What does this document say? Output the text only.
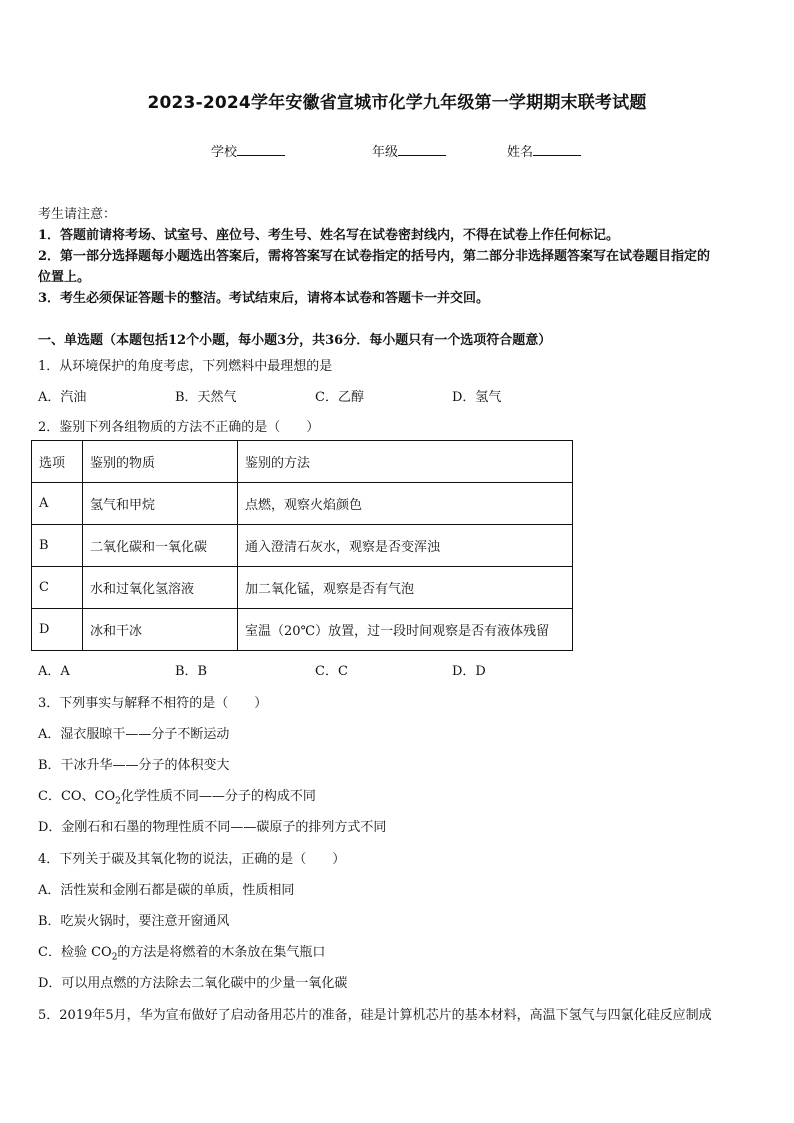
2023-2024学年安徽省宣城市化学九年级第一学期期末联考试题
学校	年级	姓名
考生请注意：
1．答题前请将考场、试室号、座位号、考生号、姓名写在试卷密封线内，不得在试卷上作任何标记。
2．第一部分选择题每小题选出答案后，需将答案写在试卷指定的括号内，第二部分非选择题答案写在试卷题目指定的
位置上。
3．考生必须保证答题卡的整洁。考试结束后，请将本试卷和答题卡一并交回。
一、单选题（本题包括12个小题，每小题3分，共36分．每小题只有一个选项符合题意）
1．从环境保护的角度考虑，下列燃料中最理想的是
A．汽油	B．天然气	C．乙醇	D．氢气
2．鉴别下列各组物质的方法不正确的是（　　）
选项	鉴别的物质	鉴别的方法
A	氢气和甲烷	点燃，观察火焰颜色
B	二氧化碳和一氧化碳	通入澄清石灰水，观察是否变浑浊
C	水和过氧化氢溶液	加二氧化锰，观察是否有气泡
D	冰和干冰	室温（20℃）放置，过一段时间观察是否有液体残留
A．A	B．B	C．C	D．D
3．下列事实与解释不相符的是（　　）
A．湿衣服晾干——分子不断运动
B．干冰升华——分子的体积变大
C．CO、$CO_2$化学性质不同——分子的构成不同
D．金刚石和石墨的物理性质不同——碳原子的排列方式不同
4．下列关于碳及其氧化物的说法，正确的是（　　）
A．活性炭和金刚石都是碳的单质，性质相同
B．吃炭火锅时，要注意开窗通风
C．检验 $CO_2$的方法是将燃着的木条放在集气瓶口
D．可以用点燃的方法除去二氧化碳中的少量一氧化碳
5．2019年5月，华为宣布做好了启动备用芯片的准备，硅是计算机芯片的基本材料，高温下氢气与四氯化硅反应制成
